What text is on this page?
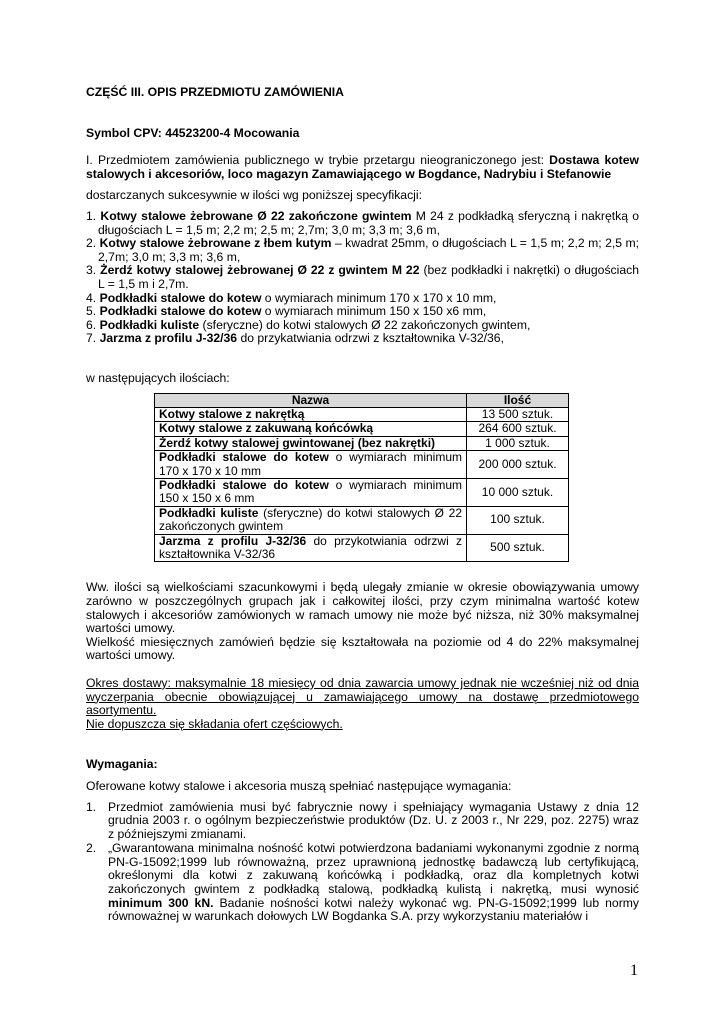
CZĘŚĆ III. OPIS PRZEDMIOTU ZAMÓWIENIA

Symbol CPV: 44523200-4 Mocowania

I. Przedmiotem zamówienia publicznego w trybie przetargu nieograniczonego jest: Dostawa kotew stalowych i akcesoriów, loco magazyn Zamawiającego w Bogdance, Nadrybiu i Stefanowie

dostarczanych sukcesywnie w ilości wg poniższej specyfikacji:

1. Kotwy stalowe żebrowane Ø 22 zakończone gwintem M 24 z podkładką sferyczną i nakrętką o długościach L = 1,5 m; 2,2 m; 2,5 m; 2,7m; 3,0 m; 3,3 m; 3,6 m,

2. Kotwy stalowe żebrowane z łbem kutym – kwadrat 25mm, o długościach L = 1,5 m; 2,2 m; 2,5 m; 2,7m; 3,0 m; 3,3 m; 3,6 m,

3. Żerdź kotwy stalowej żebrowanej Ø 22 z gwintem M 22 (bez podkładki i nakrętki) o długościach L = 1,5 m i 2,7m.

4. Podkładki stalowe do kotew o wymiarach minimum 170 x 170 x 10 mm,

5. Podkładki stalowe do kotew o wymiarach minimum 150 x 150 x6 mm,

6. Podkładki kuliste (sferyczne) do kotwi stalowych Ø 22 zakończonych gwintem,

7. Jarzma z profilu J-32/36 do przykatwiania odrzwi z kształtownika V-32/36,

w następujących ilościach:

Nazwa	Ilość
Kotwy stalowe z nakrętką	13 500 sztuk.
Kotwy stalowe z zakuwaną końcówką	264 600 sztuk.
Żerdź kotwy stalowej gwintowanej (bez nakrętki)	1 000 sztuk.
Podkładki stalowe do kotew o wymiarach minimum 170 x 170 x 10 mm	200 000 sztuk.
Podkładki stalowe do kotew o wymiarach minimum 150 x 150 x 6 mm	10 000 sztuk.
Podkładki kuliste (sferyczne) do kotwi stalowych Ø 22 zakończonych gwintem	100 sztuk.
Jarzma z profilu J-32/36 do przykotwiania odrzwi z kształtownika V-32/36	500 sztuk.

Ww. ilości są wielkościami szacunkowymi i będą ulegały zmianie w okresie obowiązywania umowy zarówno w poszczególnych grupach jak i całkowitej ilości, przy czym minimalna wartość kotew stalowych i akcesoriów zamówionych w ramach umowy nie może być niższa, niż 30% maksymalnej wartości umowy.

Wielkość miesięcznych zamówień będzie się kształtowała na poziomie od 4 do 22% maksymalnej wartości umowy.

Okres dostawy: maksymalnie 18 miesięcy od dnia zawarcia umowy jednak nie wcześniej niż od dnia wyczerpania obecnie obowiązującej u zamawiającego umowy na dostawę przedmiotowego asortymentu.

Nie dopuszcza się składania ofert częściowych.

Wymagania:

Oferowane kotwy stalowe i akcesoria muszą spełniać następujące wymagania:

1. Przedmiot zamówienia musi być fabrycznie nowy i spełniający wymagania Ustawy z dnia 12 grudnia 2003 r. o ogólnym bezpieczeństwie produktów (Dz. U. z 2003 r., Nr 229, poz. 2275) wraz z późniejszymi zmianami.
2. „Gwarantowana minimalna nośność kotwi potwierdzona badaniami wykonanymi zgodnie z normą PN-G-15092;1999 lub równoważną, przez uprawnioną jednostkę badawczą lub certyfikującą, określonymi dla kotwi z zakuwaną końcówką i podkładką, oraz dla kompletnych kotwi zakończonych gwintem z podkładką stalową, podkładką kulistą i nakrętką, musi wynosić minimum 300 kN. Badanie nośności kotwi należy wykonać wg. PN-G-15092;1999 lub normy równoważnej w warunkach dołowych LW Bogdanka S.A. przy wykorzystaniu materiałów i
1
